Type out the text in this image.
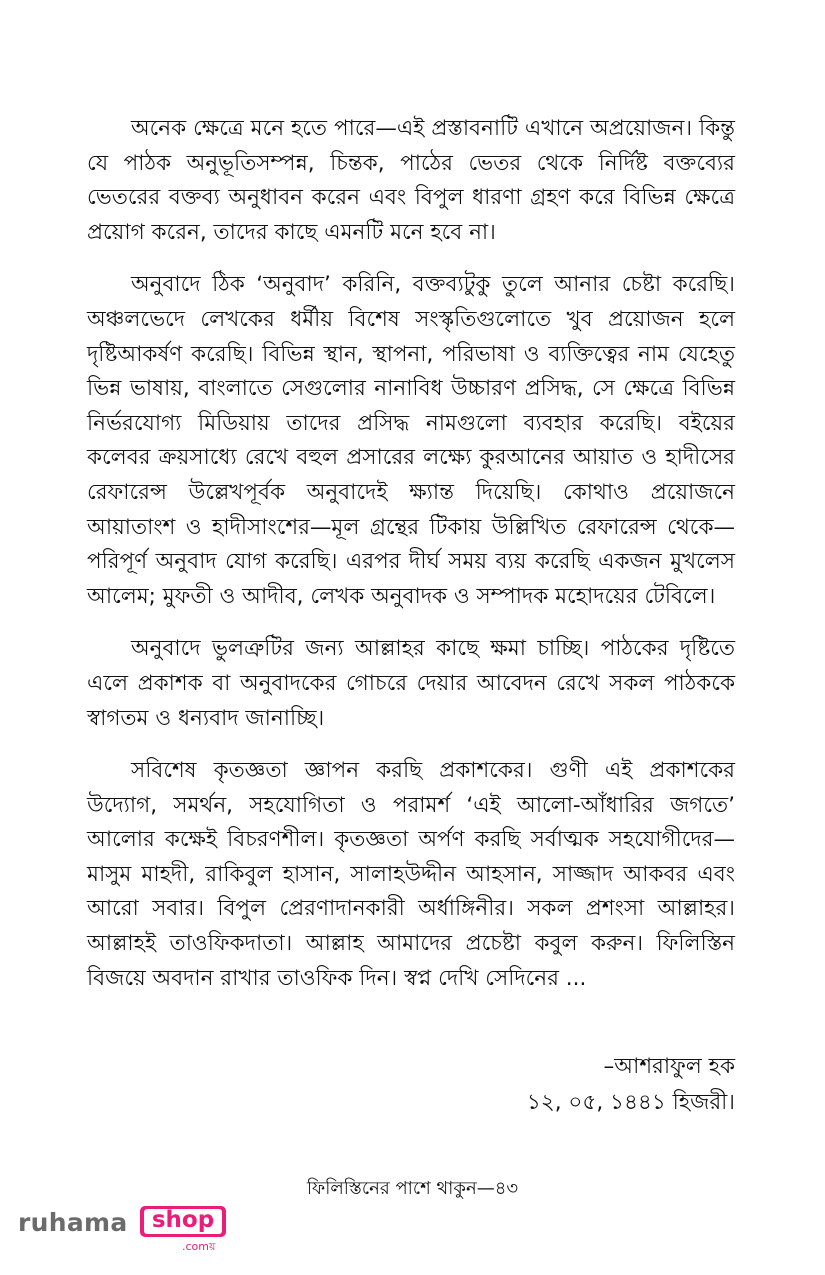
অনেক ক্ষেত্রে মনে হতে পারে—এই প্রস্তাবনাটি এখানে অপ্রয়োজন। কিন্তু যে পাঠক অনুভূতিসম্পন্ন, চিন্তক, পাঠের ভেতর থেকে নির্দিষ্ট বক্তব্যের ভেতরের বক্তব্য অনুধাবন করেন এবং বিপুল ধারণা গ্রহণ করে বিভিন্ন ক্ষেত্রে প্রয়োগ করেন, তাদের কাছে এমনটি মনে হবে না।

অনুবাদে ঠিক ‘অনুবাদ’ করিনি, বক্তব্যটুকু তুলে আনার চেষ্টা করেছি। অঞ্চলভেদে লেখকের ধর্মীয় বিশেষ সংস্কৃতিগুলোতে খুব প্রয়োজন হলে দৃষ্টিআকর্ষণ করেছি। বিভিন্ন স্থান, স্থাপনা, পরিভাষা ও ব্যক্তিত্বের নাম যেহেতু ভিন্ন ভাষায়, বাংলাতে সেগুলোর নানাবিধ উচ্চারণ প্রসিদ্ধ, সে ক্ষেত্রে বিভিন্ন নির্ভরযোগ্য মিডিয়ায় তাদের প্রসিদ্ধ নামগুলো ব্যবহার করেছি। বইয়ের কলেবর ক্রয়সাধ্যে রেখে বহুল প্রসারের লক্ষ্যে কুরআনের আয়াত ও হাদীসের রেফারেন্স উল্লেখপূর্বক অনুবাদেই ক্ষ্যান্ত দিয়েছি। কোথাও প্রয়োজনে আয়াতাংশ ও হাদীসাংশের—মূল গ্রন্থের টিকায় উল্লিখিত রেফারেন্স থেকে—পরিপূর্ণ অনুবাদ যোগ করেছি। এরপর দীর্ঘ সময় ব্যয় করেছি একজন মুখলেস আলেম; মুফতী ও আদীব, লেখক অনুবাদক ও সম্পাদক মহোদয়ের টেবিলে।

অনুবাদে ভুলত্রুটির জন্য আল্লাহর কাছে ক্ষমা চাচ্ছি। পাঠকের দৃষ্টিতে এলে প্রকাশক বা অনুবাদকের গোচরে দেয়ার আবেদন রেখে সকল পাঠককে স্বাগতম ও ধন্যবাদ জানাচ্ছি।

সবিশেষ কৃতজ্ঞতা জ্ঞাপন করছি প্রকাশকের। গুণী এই প্রকাশকের উদ্যোগ, সমর্থন, সহযোগিতা ও পরামর্শ ‘এই আলো-আঁধারির জগতে’ আলোর কক্ষেই বিচরণশীল। কৃতজ্ঞতা অর্পণ করছি সর্বাত্মক সহযোগীদের—মাসুম মাহদী, রাকিবুল হাসান, সালাহউদ্দীন আহসান, সাজ্জাদ আকবর এবং আরো সবার। বিপুল প্রেরণাদানকারী অর্ধাঙ্গিনীর। সকল প্রশংসা আল্লাহর। আল্লাহই তাওফিকদাতা। আল্লাহ আমাদের প্রচেষ্টা কবুল করুন। ফিলিস্তিন বিজয়ে অবদান রাখার তাওফিক দিন। স্বপ্ন দেখি সেদিনের ...

–আশরাফুল হক
১২, ০৫, ১৪৪১ হিজরী।
ফিলিস্তিনের পাশে থাকুন—৪৩
ruhama	shop
.comয়
